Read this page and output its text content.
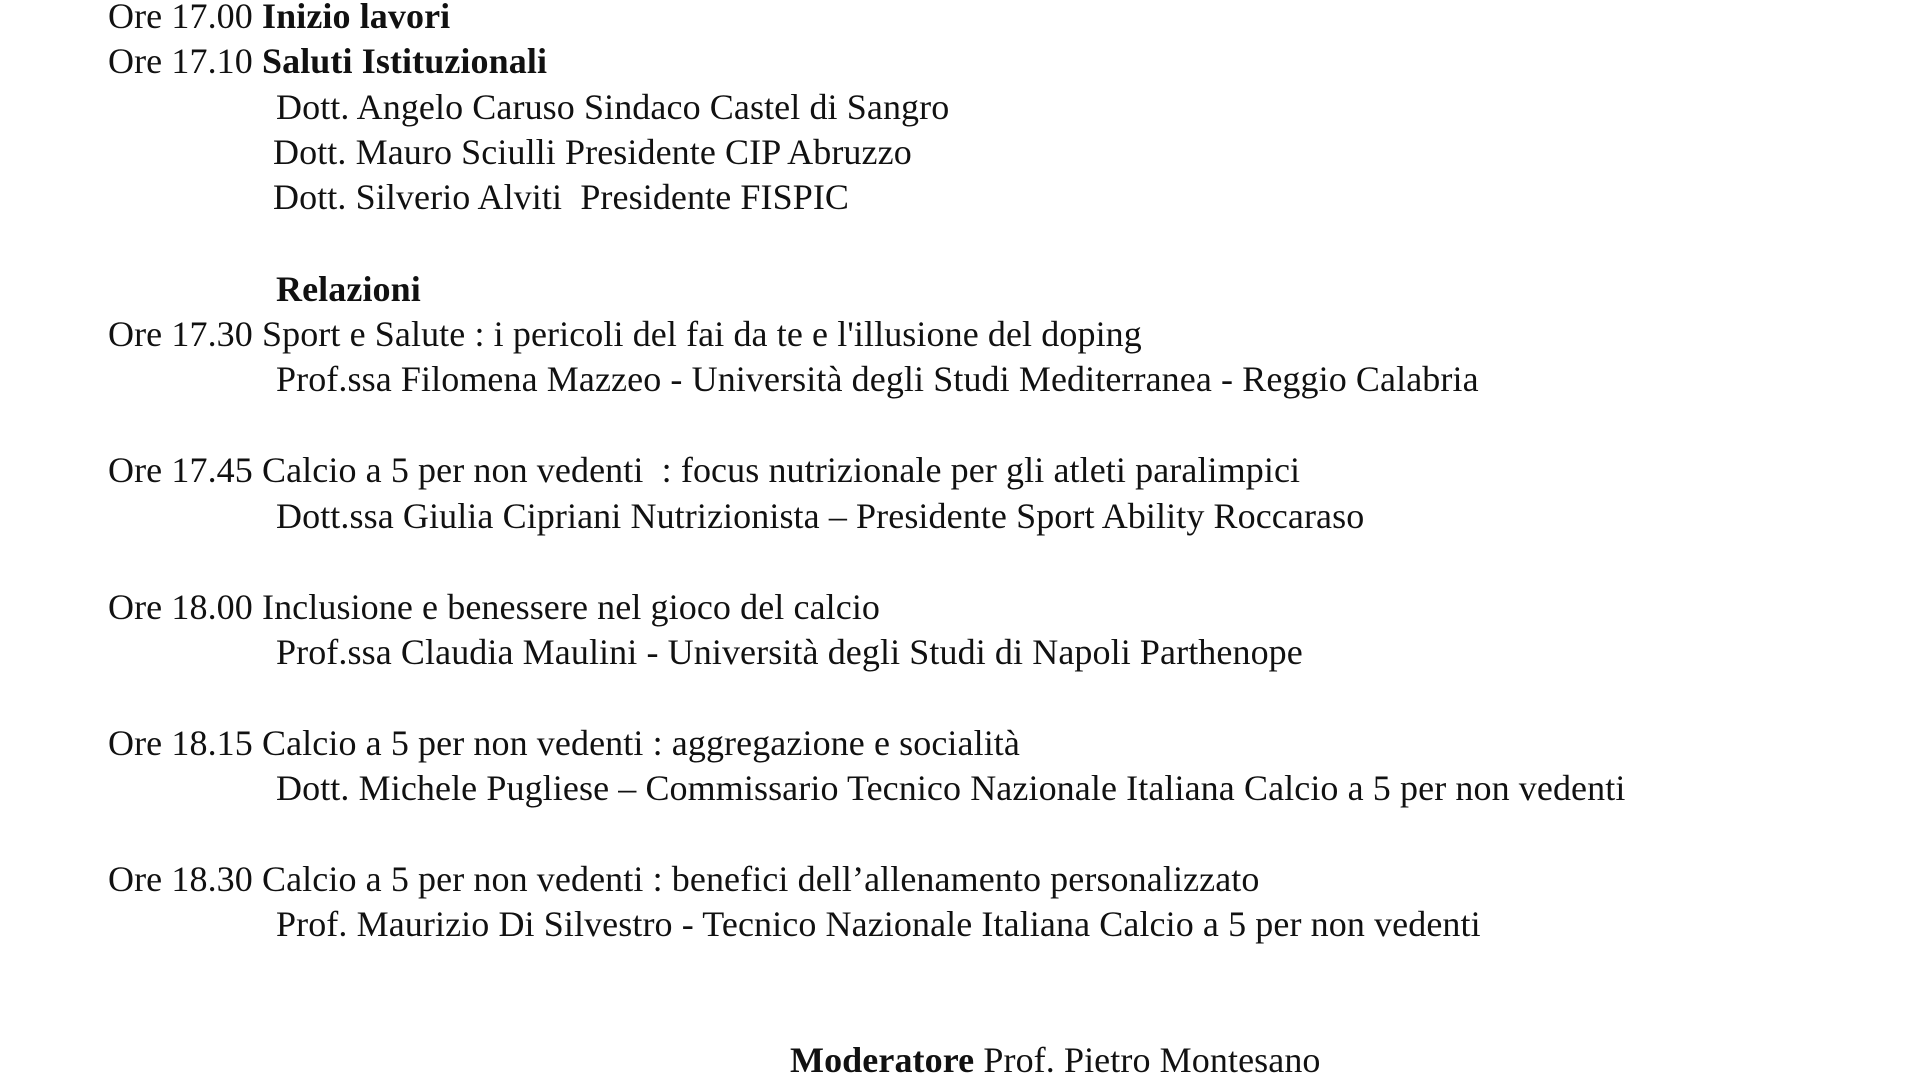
Ore 17.00 Inizio lavori
Ore 17.10 Saluti Istituzionali
Dott. Angelo Caruso Sindaco Castel di Sangro
Dott. Mauro Sciulli Presidente CIP Abruzzo
Dott. Silverio Alviti  Presidente FISPIC
Relazioni
Ore 17.30 Sport e Salute : i pericoli del fai da te e l'illusione del doping
Prof.ssa Filomena Mazzeo - Università degli Studi Mediterranea - Reggio Calabria
Ore 17.45 Calcio a 5 per non vedenti  : focus nutrizionale per gli atleti paralimpici
Dott.ssa Giulia Cipriani Nutrizionista – Presidente Sport Ability Roccaraso
Ore 18.00 Inclusione e benessere nel gioco del calcio
Prof.ssa Claudia Maulini - Università degli Studi di Napoli Parthenope
Ore 18.15 Calcio a 5 per non vedenti : aggregazione e socialità
Dott. Michele Pugliese – Commissario Tecnico Nazionale Italiana Calcio a 5 per non vedenti
Ore 18.30 Calcio a 5 per non vedenti : benefici dell’allenamento personalizzato
Prof. Maurizio Di Silvestro - Tecnico Nazionale Italiana Calcio a 5 per non vedenti
Moderatore Prof. Pietro Montesano
